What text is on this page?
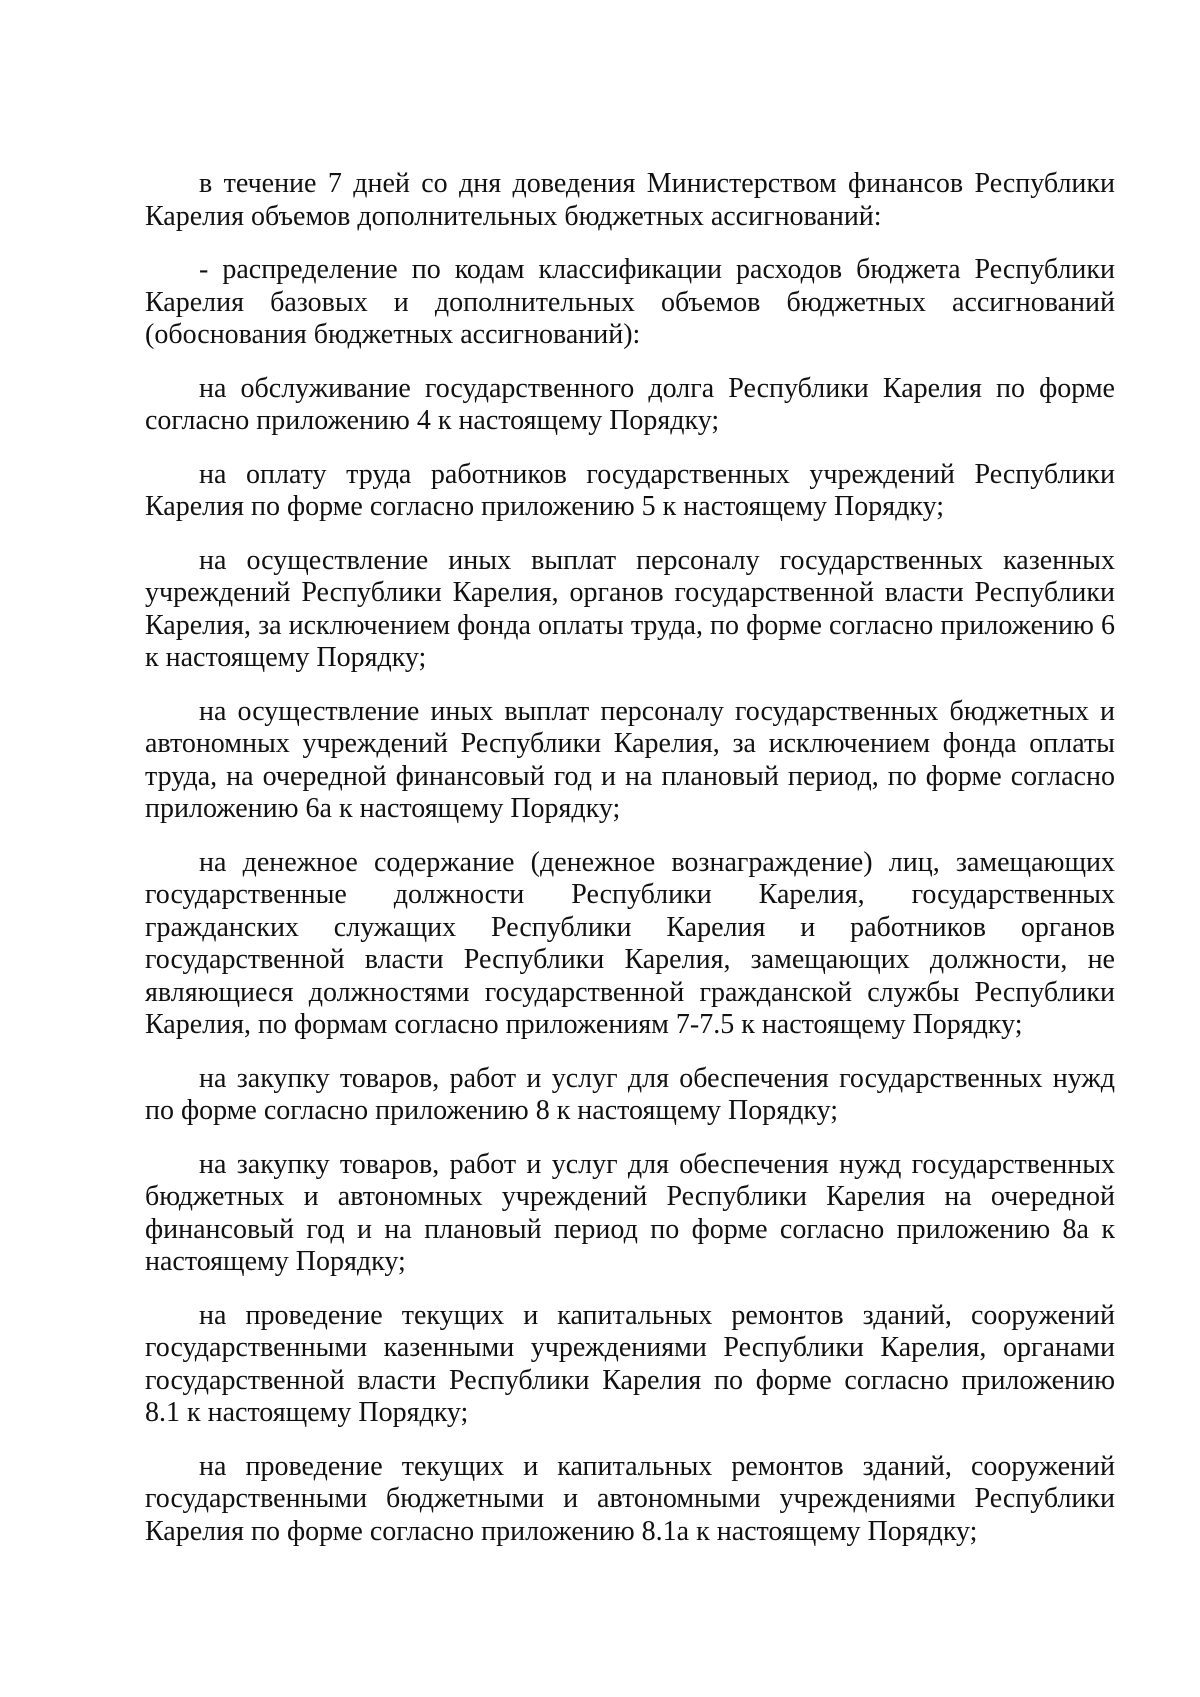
в течение 7 дней со дня доведения Министерством финансов Республики Карелия объемов дополнительных бюджетных ассигнований:

- распределение по кодам классификации расходов бюджета Республики Карелия базовых и дополнительных объемов бюджетных ассигнований (обоснования бюджетных ассигнований):

на обслуживание государственного долга Республики Карелия по форме согласно приложению 4 к настоящему Порядку;

на оплату труда работников государственных учреждений Республики Карелия по форме согласно приложению 5 к настоящему Порядку;

на осуществление иных выплат персоналу государственных казенных учреждений Республики Карелия, органов государственной власти Республики Карелия, за исключением фонда оплаты труда, по форме согласно приложению 6 к настоящему Порядку;

на осуществление иных выплат персоналу государственных бюджетных и автономных учреждений Республики Карелия, за исключением фонда оплаты труда, на очередной финансовый год и на плановый период, по форме согласно приложению 6а к настоящему Порядку;

на денежное содержание (денежное вознаграждение) лиц, замещающих государственные должности Республики Карелия, государственных гражданских служащих Республики Карелия и работников органов государственной власти Республики Карелия, замещающих должности, не являющиеся должностями государственной гражданской службы Республики Карелия, по формам согласно приложениям 7-7.5 к настоящему Порядку;

на закупку товаров, работ и услуг для обеспечения государственных нужд по форме согласно приложению 8 к настоящему Порядку;

на закупку товаров, работ и услуг для обеспечения нужд государственных бюджетных и автономных учреждений Республики Карелия на очередной финансовый год и на плановый период по форме согласно приложению 8а к настоящему Порядку;

на проведение текущих и капитальных ремонтов зданий, сооружений государственными казенными учреждениями Республики Карелия, органами государственной власти Республики Карелия по форме согласно приложению 8.1 к настоящему Порядку;

на проведение текущих и капитальных ремонтов зданий, сооружений государственными бюджетными и автономными учреждениями Республики Карелия по форме согласно приложению 8.1а к настоящему Порядку;
